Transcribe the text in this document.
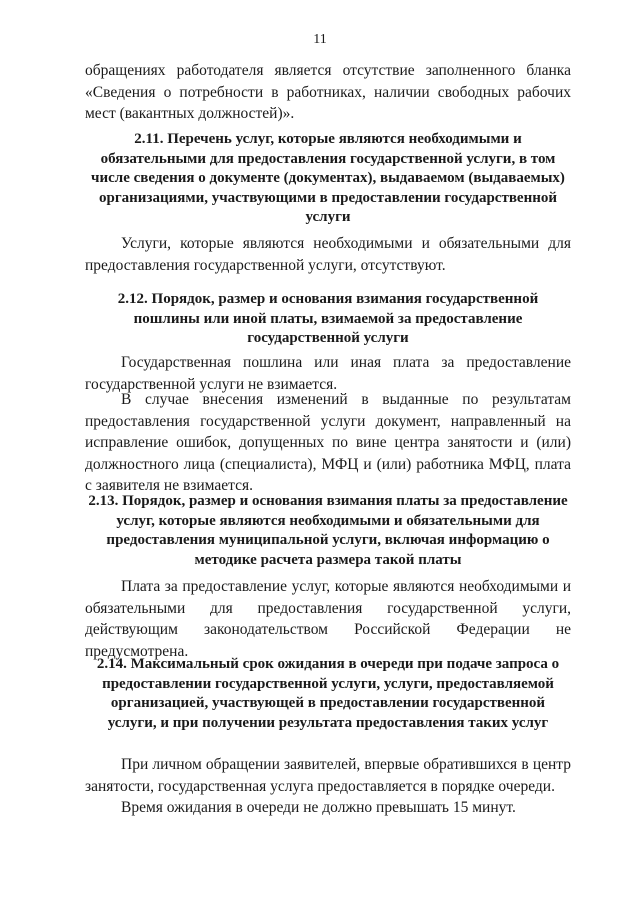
11

обращениях работодателя является отсутствие заполненного бланка «Сведения о потребности в работниках, наличии свободных рабочих мест (вакантных должностей)».

2.11. Перечень услуг, которые являются необходимыми и обязательными для предоставления государственной услуги, в том числе сведения о документе (документах), выдаваемом (выдаваемых) организациями, участвующими в предоставлении государственной услуги

Услуги, которые являются необходимыми и обязательными для предоставления государственной услуги, отсутствуют.

2.12. Порядок, размер и основания взимания государственной пошлины или иной платы, взимаемой за предоставление государственной услуги

Государственная пошлина или иная плата за предоставление государственной услуги не взимается.

В случае внесения изменений в выданные по результатам предоставления государственной услуги документ, направленный на исправление ошибок, допущенных по вине центра занятости и (или) должностного лица (специалиста), МФЦ и (или) работника МФЦ, плата с заявителя не взимается.

2.13. Порядок, размер и основания взимания платы за предоставление услуг, которые являются необходимыми и обязательными для предоставления муниципальной услуги, включая информацию о методике расчета размера такой платы

Плата за предоставление услуг, которые являются необходимыми и обязательными для предоставления государственной услуги, действующим законодательством Российской Федерации не предусмотрена.

2.14. Максимальный срок ожидания в очереди при подаче запроса о предоставлении государственной услуги, услуги, предоставляемой организацией, участвующей в предоставлении государственной услуги, и при получении результата предоставления таких услуг

При личном обращении заявителей, впервые обратившихся в центр занятости, государственная услуга предоставляется в порядке очереди.

Время ожидания в очереди не должно превышать 15 минут.
